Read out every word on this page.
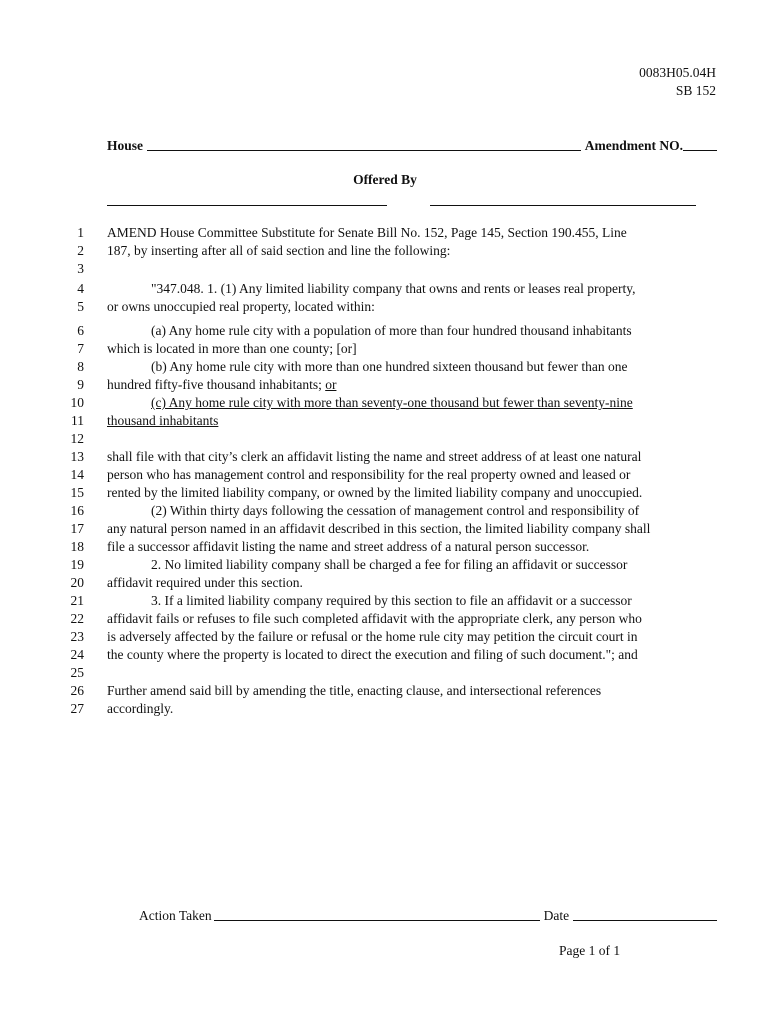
0083H05.04H
SB 152
House	Amendment NO.
Offered By
1 AMEND House Committee Substitute for Senate Bill No. 152, Page 145, Section 190.455, Line
2 187, by inserting after all of said section and line the following:
3
4	"347.048. 1. (1) Any limited liability company that owns and rents or leases real property,
5 or owns unoccupied real property, located within:
6	(a) Any home rule city with a population of more than four hundred thousand inhabitants
7 which is located in more than one county; [or]
8	(b) Any home rule city with more than one hundred sixteen thousand but fewer than one
9 hundred fifty-five thousand inhabitants; or
10	(c) Any home rule city with more than seventy-one thousand but fewer than seventy-nine
11 thousand inhabitants
12
13 shall file with that city’s clerk an affidavit listing the name and street address of at least one natural
14 person who has management control and responsibility for the real property owned and leased or
15 rented by the limited liability company, or owned by the limited liability company and unoccupied.
16	(2) Within thirty days following the cessation of management control and responsibility of
17 any natural person named in an affidavit described in this section, the limited liability company shall
18 file a successor affidavit listing the name and street address of a natural person successor.
19	2. No limited liability company shall be charged a fee for filing an affidavit or successor
20 affidavit required under this section.
21	3. If a limited liability company required by this section to file an affidavit or a successor
22 affidavit fails or refuses to file such completed affidavit with the appropriate clerk, any person who
23 is adversely affected by the failure or refusal or the home rule city may petition the circuit court in
24 the county where the property is located to direct the execution and filing of such document."; and
25
26 Further amend said bill by amending the title, enacting clause, and intersectional references
27 accordingly.
Action Taken	Date
Page 1 of 1
